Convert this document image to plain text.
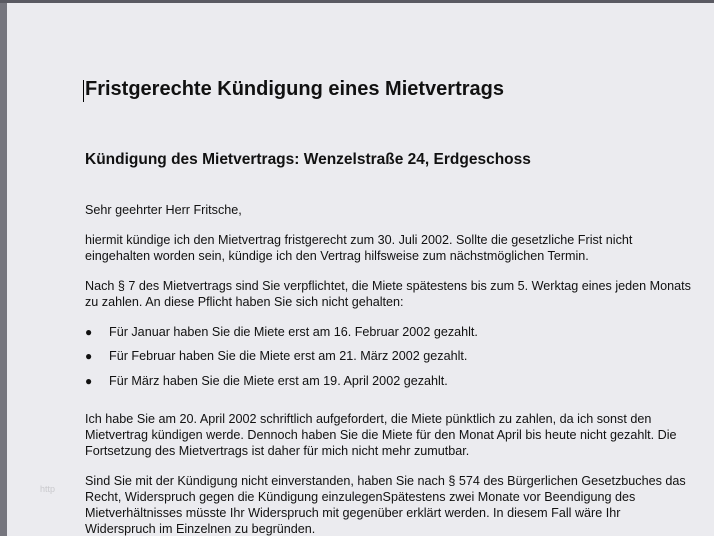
Fristgerechte Kündigung eines Mietvertrags
Kündigung des Mietvertrags: Wenzelstraße 24, Erdgeschoss

Sehr geehrter Herr Fritsche,

hiermit kündige ich den Mietvertrag fristgerecht zum 30. Juli 2002. Sollte die gesetzliche Frist nicht
eingehalten worden sein, kündige ich den Vertrag hilfsweise zum nächstmöglichen Termin.

Nach § 7 des Mietvertrags sind Sie verpflichtet, die Miete spätestens bis zum 5. Werktag eines jeden Monats
zu zahlen. An diese Pflicht haben Sie sich nicht gehalten:

● Für Januar haben Sie die Miete erst am 16. Februar 2002 gezahlt.
● Für Februar haben Sie die Miete erst am 21. März 2002 gezahlt.
● Für März haben Sie die Miete erst am 19. April 2002 gezahlt.

Ich habe Sie am 20. April 2002 schriftlich aufgefordert, die Miete pünktlich zu zahlen, da ich sonst den
Mietvertrag kündigen werde. Dennoch haben Sie die Miete für den Monat April bis heute nicht gezahlt. Die
Fortsetzung des Mietvertrags ist daher für mich nicht mehr zumutbar.

Sind Sie mit der Kündigung nicht einverstanden, haben Sie nach § 574 des Bürgerlichen Gesetzbuches das
Recht, Widerspruch gegen die Kündigung einzulegenSpätestens zwei Monate vor Beendigung des
Mietverhältnisses müsste Ihr Widerspruch mit gegenüber erklärt werden. In diesem Fall wäre Ihr
Widerspruch im Einzelnen zu begründen.

http
